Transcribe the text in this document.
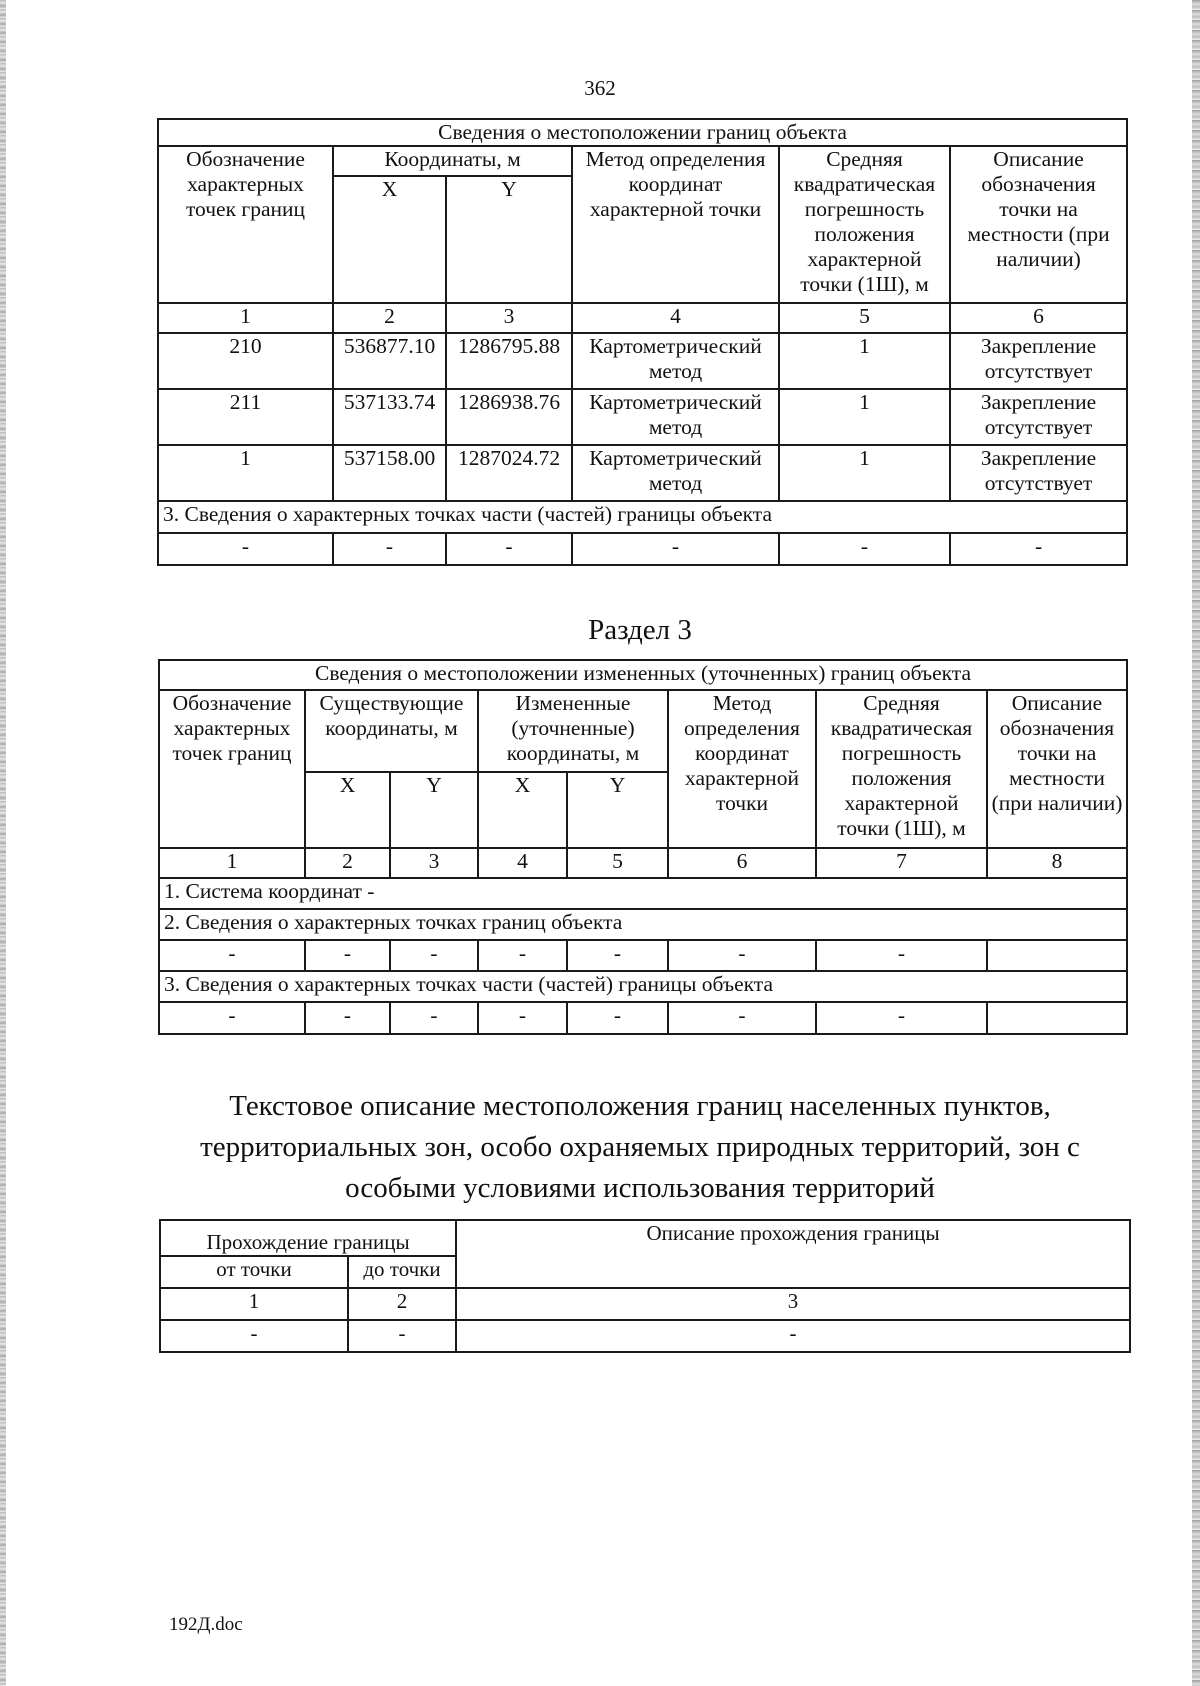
362
Сведения о местоположении границ объекта					
Обозначение характерных точек границ	Координаты, м		Метод определения координат характерной точки	Средняя квадратическая погрешность положения характерной точки (1Ш), м	Описание обозначения точки на местности (при наличии)
	X	Y			
1	2	3	4	5	6
210	536877.10	1286795.88	Картометрический метод	1	Закрепление отсутствует
211	537133.74	1286938.76	Картометрический метод	1	Закрепление отсутствует
1	537158.00	1287024.72	Картометрический метод	1	Закрепление отсутствует
3. Сведения о характерных точках части (частей) границы объекта					
-	-	-	-	-	-
Раздел 3
Сведения о местоположении измененных (уточненных) границ объекта							
Обозначение характерных точек границ	Существующие координаты, м		Измененные (уточненные) координаты, м		Метод определения координат характерной точки	Средняя квадратическая погрешность положения характерной точки (1Ш), м	Описание обозначения точки на местности (при наличии)
	X	Y	X	Y			
1	2	3	4	5	6	7	8
1. Система координат -							
2. Сведения о характерных точках границ объекта							
-	-	-	-	-	-	-	
3. Сведения о характерных точках части (частей) границы объекта							
-	-	-	-	-	-	-	
Текстовое описание местоположения границ населенных пунктов, территориальных зон, особо охраняемых природных территорий, зон с особыми условиями использования территорий
Прохождение границы		Описание прохождения границы
от точки	до точки	
1	2	3
-	-	-
192Д.doc
